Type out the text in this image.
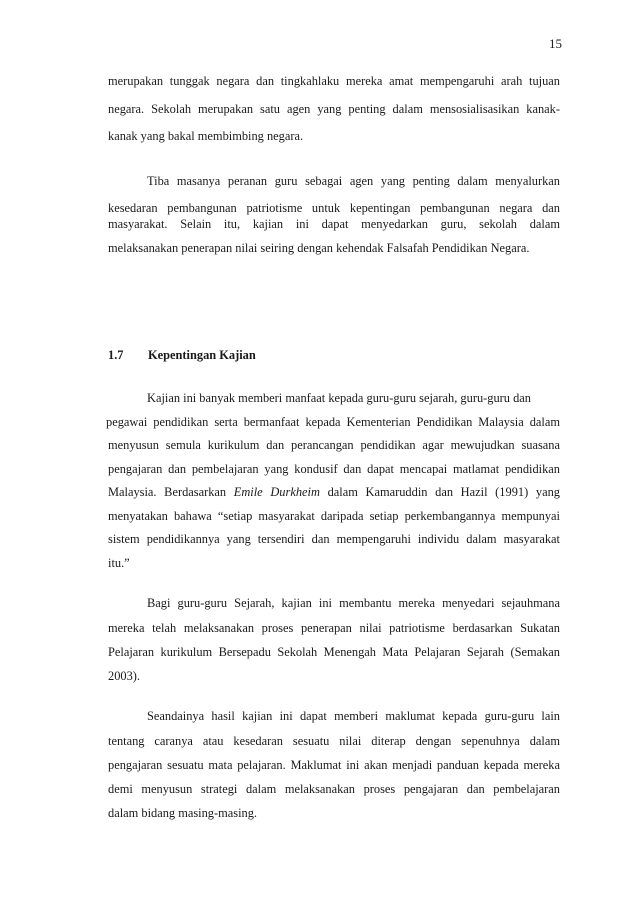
15
merupakan tunggak negara dan tingkahlaku mereka amat mempengaruhi arah tujuan
negara. Sekolah merupakan satu agen yang penting dalam mensosialisasikan kanak-
kanak yang bakal membimbing negara.
Tiba masanya peranan guru sebagai agen yang penting dalam menyalurkan
kesedaran pembangunan patriotisme untuk kepentingan pembangunan negara dan
masyarakat. Selain itu, kajian ini dapat menyedarkan guru, sekolah dalam
melaksanakan penerapan nilai seiring dengan kehendak Falsafah Pendidikan Negara.
1.7 Kepentingan Kajian
Kajian ini banyak memberi manfaat kepada guru-guru sejarah, guru-guru dan
pegawai pendidikan serta bermanfaat kepada Kementerian Pendidikan Malaysia dalam
menyusun semula kurikulum dan perancangan pendidikan agar mewujudkan suasana
pengajaran dan pembelajaran yang kondusif dan dapat mencapai matlamat pendidikan
Malaysia. Berdasarkan Emile Durkheim dalam Kamaruddin dan Hazil (1991) yang
menyatakan bahawa “setiap masyarakat daripada setiap perkembangannya mempunyai
sistem pendidikannya yang tersendiri dan mempengaruhi individu dalam masyarakat
itu.”
Bagi guru-guru Sejarah, kajian ini membantu mereka menyedari sejauhmana
mereka telah melaksanakan proses penerapan nilai patriotisme berdasarkan Sukatan
Pelajaran kurikulum Bersepadu Sekolah Menengah Mata Pelajaran Sejarah (Semakan
2003).
Seandainya hasil kajian ini dapat memberi maklumat kepada guru-guru lain
tentang caranya atau kesedaran sesuatu nilai diterap dengan sepenuhnya dalam
pengajaran sesuatu mata pelajaran. Maklumat ini akan menjadi panduan kepada mereka
demi menyusun strategi dalam melaksanakan proses pengajaran dan pembelajaran
dalam bidang masing-masing.
